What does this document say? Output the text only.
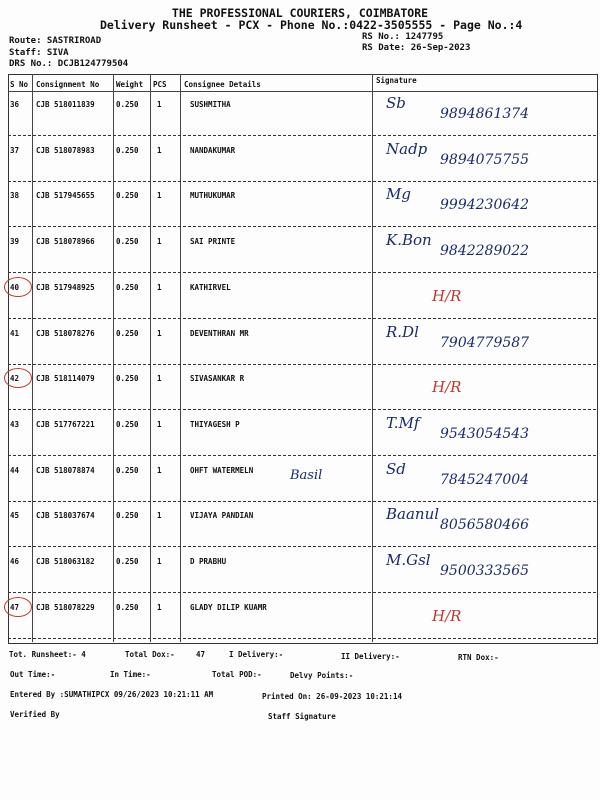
THE PROFESSIONAL COURIERS, COIMBATORE
Delivery Runsheet - PCX - Phone No.:0422-3505555 - Page No.:4
Route: SASTRIROAD
Staff: SIVA
DRS No.: DCJB124779504
RS No.: 1247795
RS Date: 26-Sep-2023
S No Consignment No Weight PCS Consignee Details	Signature
36 CJB 518011839	0.250 1	SUSHMITHA	Sb
9894861374
37 CJB 518078983	0.250 1	NANDAKUMAR	Nadp
9894075755
38 CJB 517945655	0.250 1	MUTHUKUMAR	Mg
9994230642
39 CJB 518078966	0.250 1	SAI PRINTE	K.Bon
9842289022
40 CJB 517948925	0.250 1	KATHIRVEL	H/R
41 CJB 518078276	0.250 1	DEVENTHRAN MR	R.Dl
7904779587
42 CJB 518114079	0.250 1	SIVASANKAR R	H/R
43 CJB 517767221	0.250 1	THIYAGESH P	T.Mf
9543054543
44 CJB 518078874	0.250 1	OHFT WATERMELN	Sd
7845247004
Basil
45 CJB 518037674	0.250 1	VIJAYA PANDIAN	Baanul
8056580466
46 CJB 518063182	0.250 1	D PRABHU	M.Gsl
9500333565
47 CJB 518078229	0.250 1	GLADY DILIP KUAMR	H/R
Tot. Runsheet:- 4	Total Dox:-	47	I Delivery:-	II Delivery:-	RTN Dox:-
Out Time:-	In Time:-	Total POD:-	Delvy Points:-
Entered By :SUMATHIPCX 09/26/2023 10:21:11 AM	Printed On: 26-09-2023 10:21:14
Verified By	Staff Signature
